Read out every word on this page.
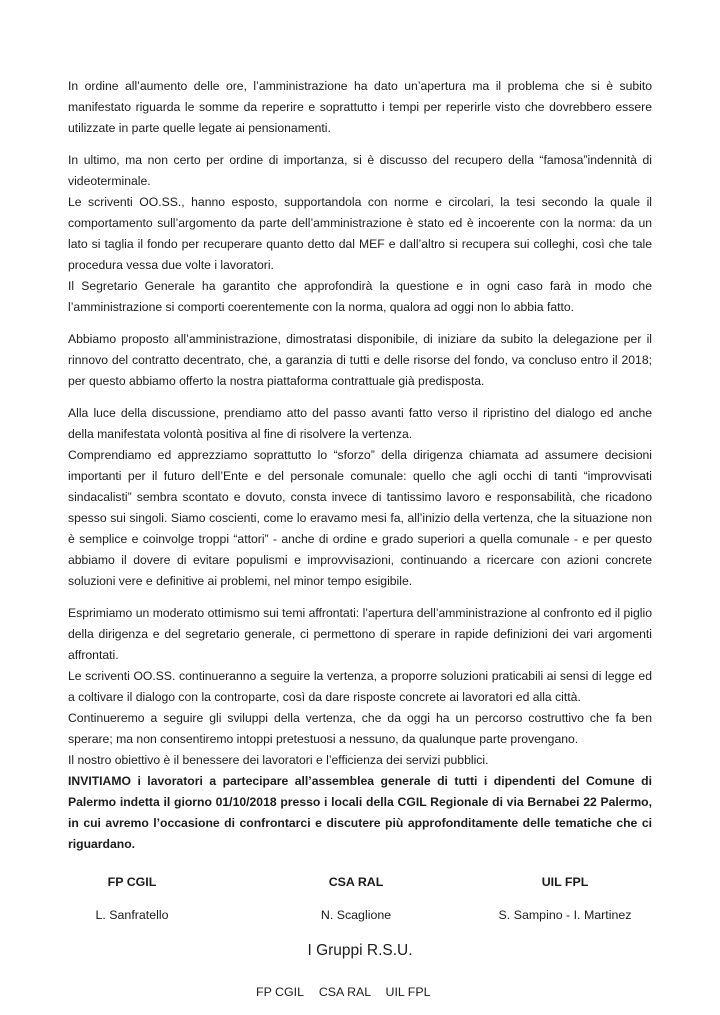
In ordine all’aumento delle ore, l’amministrazione ha dato un’apertura ma il problema che si è subito manifestato riguarda le somme da reperire e soprattutto i tempi per reperirle visto che dovrebbero essere utilizzate in parte quelle legate ai pensionamenti.

In ultimo, ma non certo per ordine di importanza, si è discusso del recupero della “famosa”indennità di videoterminale.

Le scriventi OO.SS., hanno esposto, supportandola con norme e circolari, la tesi secondo la quale il comportamento sull’argomento da parte dell’amministrazione è stato ed è incoerente con la norma: da un lato si taglia il fondo per recuperare quanto detto dal MEF e dall’altro si recupera sui colleghi, così che tale procedura vessa due volte i lavoratori.

Il Segretario Generale ha garantito che approfondirà la questione e in ogni caso farà in modo che l’amministrazione si comporti coerentemente con la norma, qualora ad oggi non lo abbia fatto.

Abbiamo proposto all’amministrazione, dimostratasi disponibile, di iniziare da subito la delegazione per il rinnovo del contratto decentrato, che, a garanzia di tutti e delle risorse del fondo, va concluso entro il 2018; per questo abbiamo offerto la nostra piattaforma contrattuale già predisposta.

Alla luce della discussione, prendiamo atto del passo avanti fatto verso il ripristino del dialogo ed anche della manifestata volontà positiva al fine di risolvere la vertenza.

Comprendiamo ed apprezziamo soprattutto lo “sforzo” della dirigenza chiamata ad assumere decisioni importanti per il futuro dell’Ente e del personale comunale: quello che agli occhi di tanti “improvvisati sindacalisti” sembra scontato e dovuto, consta invece di tantissimo lavoro e responsabilità, che ricadono spesso sui singoli. Siamo coscienti, come lo eravamo mesi fa, all’inizio della vertenza, che la situazione non è semplice e coinvolge troppi “attori” - anche di ordine e grado superiori a quella comunale - e per questo abbiamo il dovere di evitare populismi e improvvisazioni, continuando a ricercare con azioni concrete soluzioni vere e definitive ai problemi, nel minor tempo esigibile.

Esprimiamo un moderato ottimismo sui temi affrontati: l’apertura dell’amministrazione al confronto ed il piglio della dirigenza e del segretario generale, ci permettono di sperare in rapide definizioni dei vari argomenti affrontati.

Le scriventi OO.SS. continueranno a seguire la vertenza, a proporre soluzioni praticabili ai sensi di legge ed a coltivare il dialogo con la controparte, così da dare risposte concrete ai lavoratori ed alla città.

Continueremo a seguire gli sviluppi della vertenza, che da oggi ha un percorso costruttivo che fa ben sperare; ma non consentiremo intoppi pretestuosi a nessuno, da qualunque parte provengano.

Il nostro obiettivo è il benessere dei lavoratori e l’efficienza dei servizi pubblici.

INVITIAMO i lavoratori a partecipare all’assemblea generale di tutti i dipendenti del Comune di Palermo indetta il giorno 01/10/2018 presso i locali della CGIL Regionale di via Bernabei 22 Palermo, in cui avremo l’occasione di confrontarci e discutere più approfonditamente delle tematiche che ci riguardano.

FP CGIL	CSA RAL	UIL FPL
L. Sanfratello	N. Scaglione	S. Sampino - I. Martinez
I Gruppi R.S.U.
FP CGIL CSA RAL UIL FPL
